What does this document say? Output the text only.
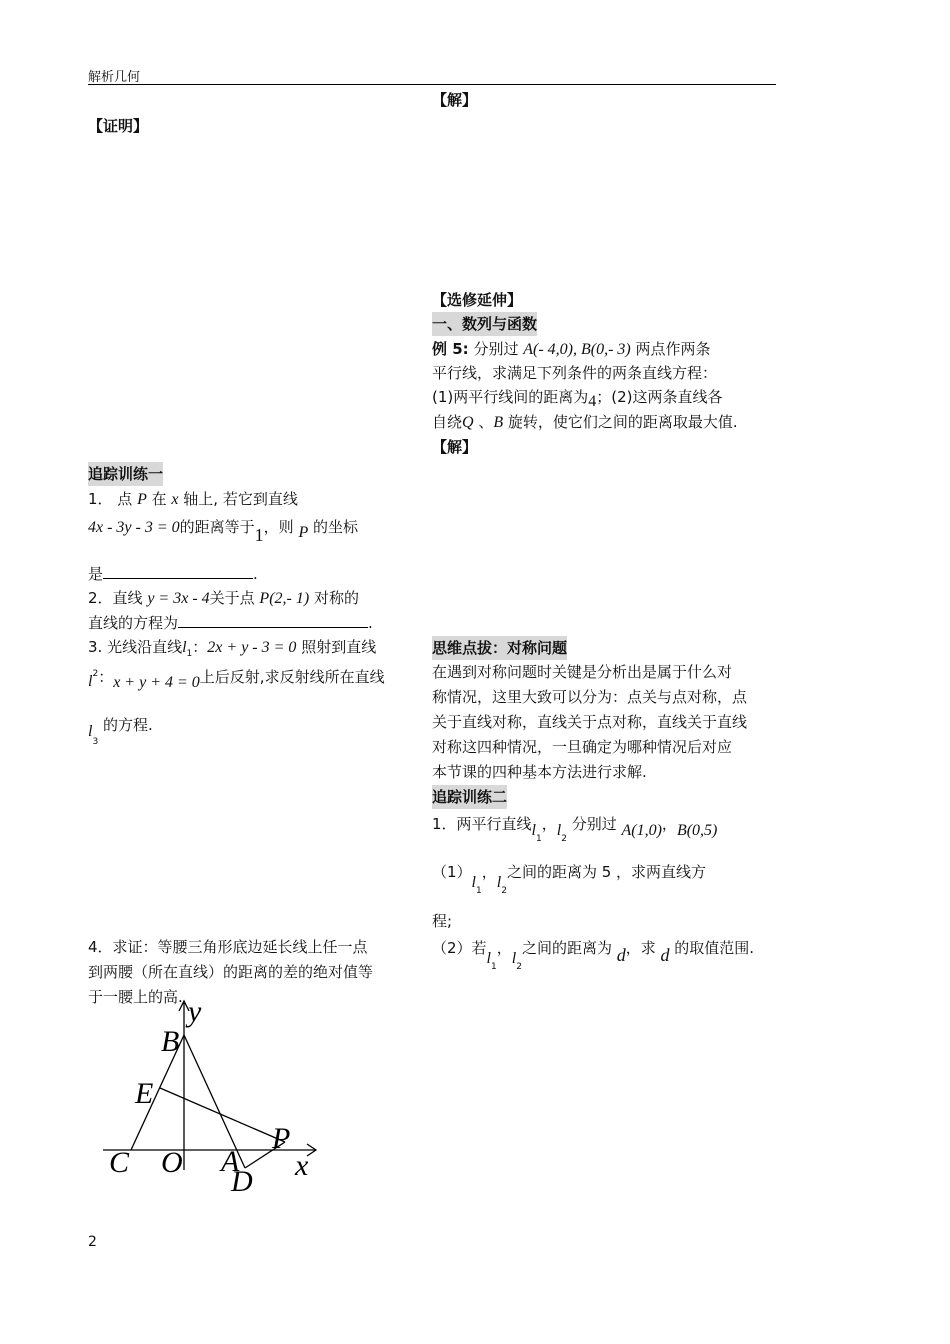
解析几何
【证明】
追踪训练一
1． 点 P 在 x 轴上, 若它到直线
4x - 3y - 3 = 0的距离等于1，则 P 的坐标
是	.
2．直线 y = 3x - 4关于点 P(2,- 1) 对称的
直线的方程为	.
3. 光线沿直线$l_1$：2x + y - 3 = 0 照射到直线
$l^2$：x + y + 4 = 0上后反射,求反射线所在直线
$l_3$ 的方程.
4．求证：等腰三角形底边延长线上任一点
到两腰（所在直线）的距离的差的绝对值等
于一腰上的高. y
B
E
P
C O A x
D
【解】
【选修延伸】
一、数列与函数
例 5: 分别过 A(- 4,0), B(0,- 3) 两点作两条
平行线，求满足下列条件的两条直线方程：
(1)两平行线间的距离为4；(2)这两条直线各
自绕Q 、B 旋转，使它们之间的距离取最大值.
【解】
思维点拔：对称问题
在遇到对称问题时关键是分析出是属于什么对
称情况，这里大致可以分为：点关与点对称，点
关于直线对称，直线关于点对称，直线关于直线
对称这四种情况，一旦确定为哪种情况后对应
本节课的四种基本方法进行求解.
追踪训练二
1．两平行直线$l_1$，$l_2$ 分别过 A(1,0)，B(0,5)
$(1)l_1$，$l_2$之间的距离为 5 ，求两直线方
程;
（2）若$l_1$，$l_2$之间的距离为 d，求 d 的取值范围.
2
